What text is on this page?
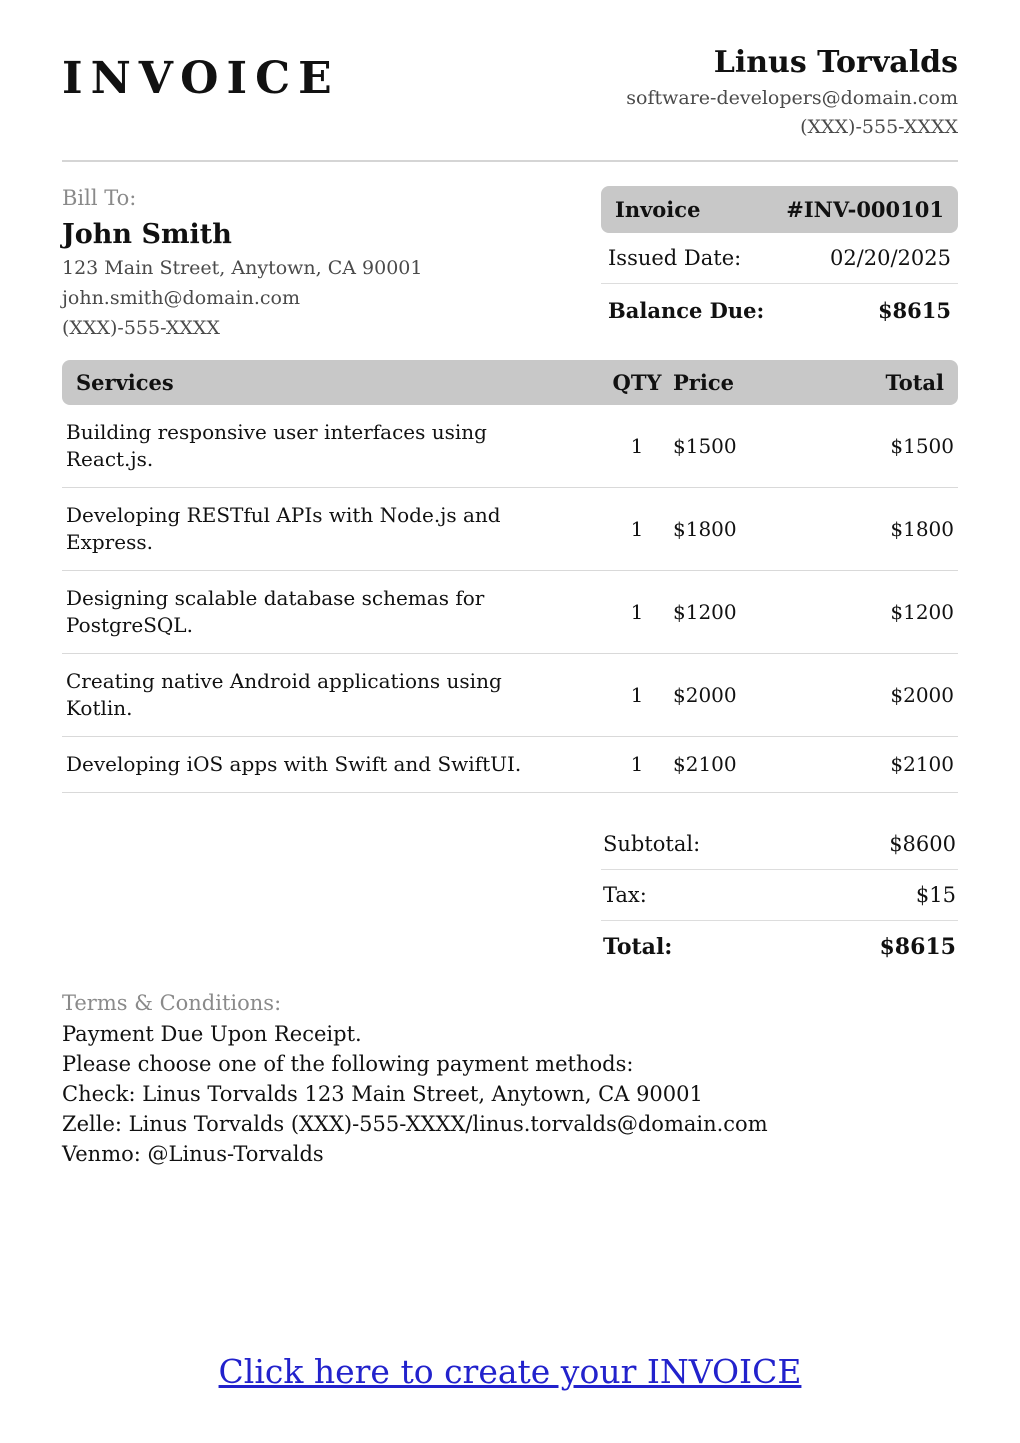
INVOICE	Linus Torvalds
software-developers@domain.com
(XXX)-555-XXXX
Bill To:
John Smith
123 Main Street, Anytown, CA 90001
john.smith@domain.com
(XXX)-555-XXXX
Invoice	#INV-000101
Issued Date:	02/20/2025
Balance Due:	$8615
Services	QTY	Price	Total
Building responsive user interfaces using React.js.	1	$1500	$1500
Developing RESTful APIs with Node.js and Express.	1	$1800	$1800
Designing scalable database schemas for PostgreSQL.	1	$1200	$1200
Creating native Android applications using Kotlin.	1	$2000	$2000
Developing iOS apps with Swift and SwiftUI.	1	$2100	$2100
Subtotal:	$8600
Tax:	$15
Total:	$8615
Terms & Conditions:
Payment Due Upon Receipt.
Please choose one of the following payment methods:
Check: Linus Torvalds 123 Main Street, Anytown, CA 90001
Zelle: Linus Torvalds (XXX)-555-XXXX/linus.torvalds@domain.com
Venmo: @Linus-Torvalds
Click here to create your INVOICE
